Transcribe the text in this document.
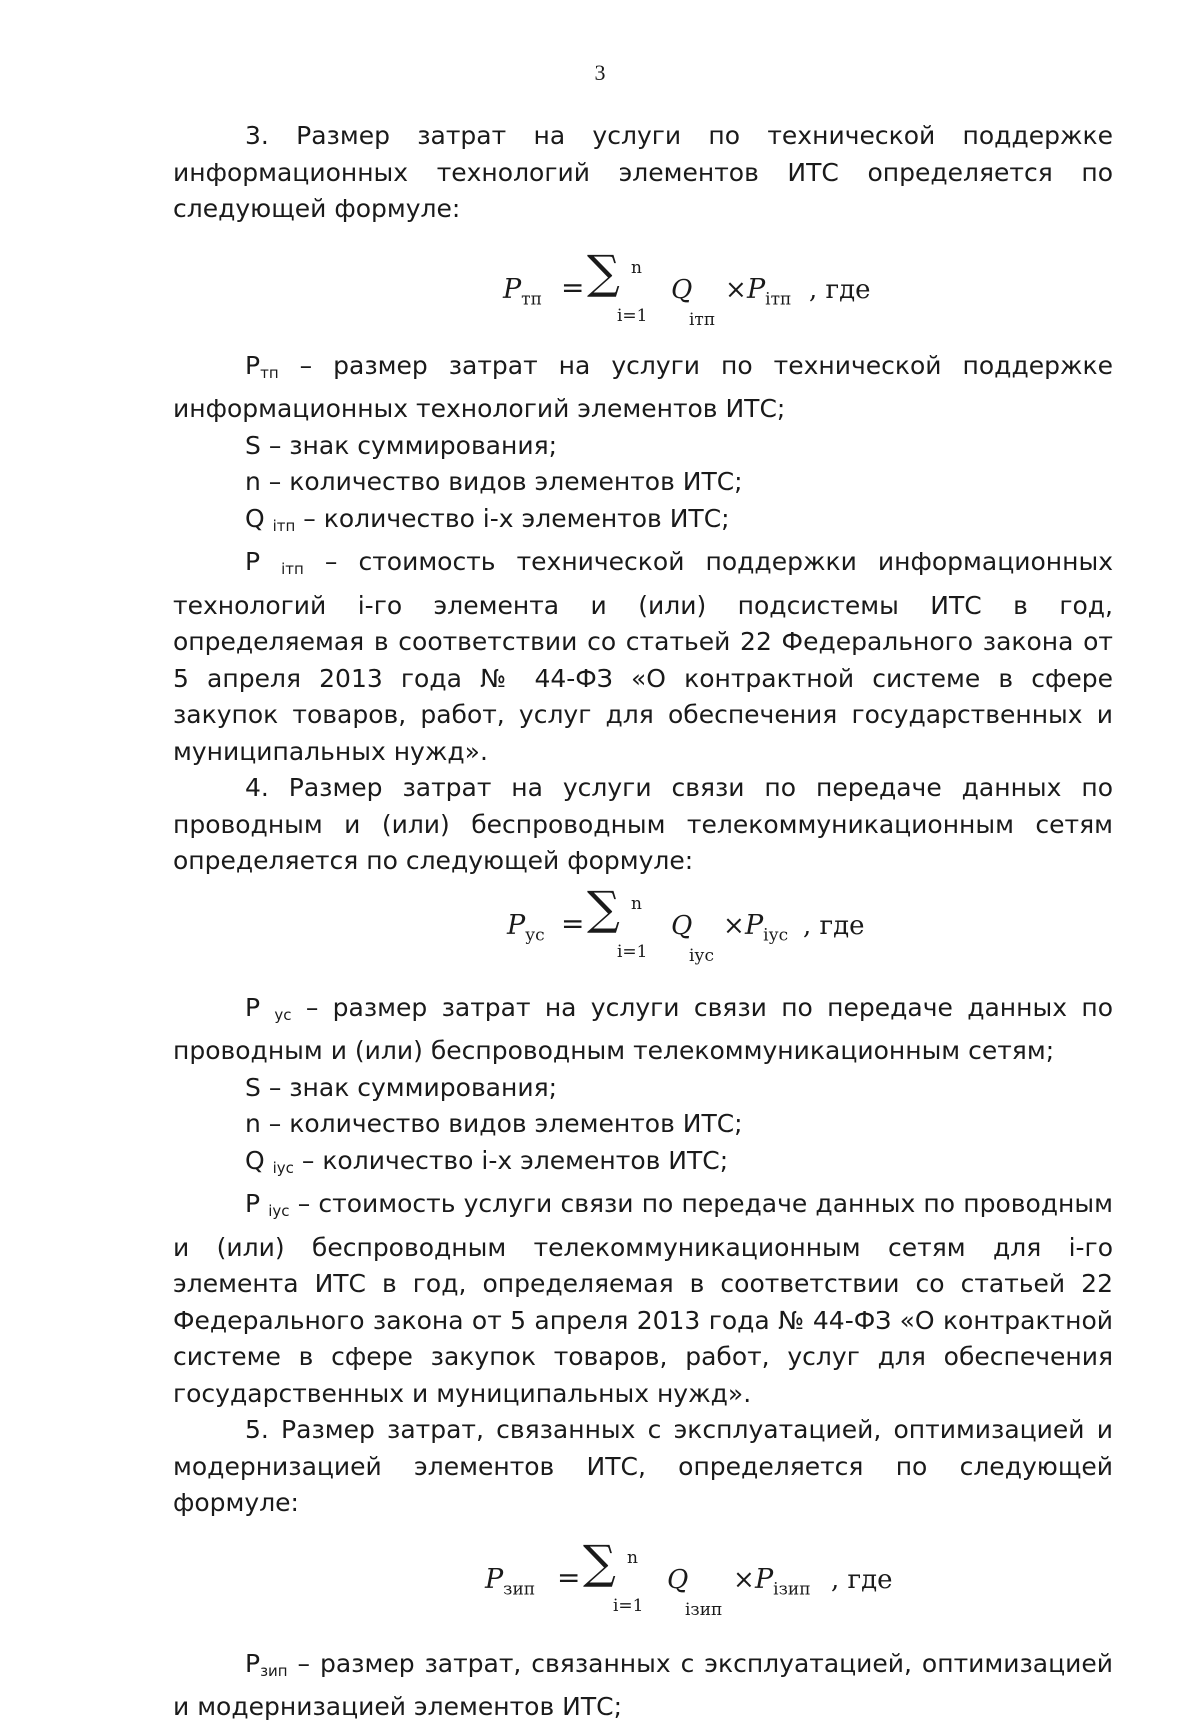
3

3. Размер затрат на услуги по технической поддержке информационных технологий элементов ИТС определяется по следующей формуле:

$P_{тп}$ = ∑ n
i=1
Q
iтп
× $P_{iтп}$ , где

Pтп – размер затрат на услуги по технической поддержке информационных технологий элементов ИТС;

S – знак суммирования;

n – количество видов элементов ИТС;

Q iтп – количество i-х элементов ИТС;

P iтп – стоимость технической поддержки информационных технологий i-го элемента и (или) подсистемы ИТС в год, определяемая в соответствии со статьей 22 Федерального закона от 5 апреля 2013 года № 44-ФЗ «О контрактной системе в сфере закупок товаров, работ, услуг для обеспечения государственных и муниципальных нужд».

4. Размер затрат на услуги связи по передаче данных по проводным и (или) беспроводным телекоммуникационным сетям определяется по следующей формуле:

$P_{ус}$ = ∑ n
i=1
Q
iус
× $P_{iус}$ , где

P ус – размер затрат на услуги связи по передаче данных по проводным и (или) беспроводным телекоммуникационным сетям;

S – знак суммирования;

n – количество видов элементов ИТС;

Q iус – количество i-х элементов ИТС;

P iус – стоимость услуги связи по передаче данных по проводным и (или) беспроводным телекоммуникационным сетям для i-го элемента ИТС в год, определяемая в соответствии со статьей 22 Федерального закона от 5 апреля 2013 года № 44-ФЗ «О контрактной системе в сфере закупок товаров, работ, услуг для обеспечения государственных и муниципальных нужд».

5. Размер затрат, связанных с эксплуатацией, оптимизацией и модернизацией элементов ИТС, определяется по следующей формуле:

$P_{зип}$ = ∑ n
i=1
Q
iзип
× $P_{iзип}$ , где

Pзип – размер затрат, связанных с эксплуатацией, оптимизацией и модернизацией элементов ИТС;
